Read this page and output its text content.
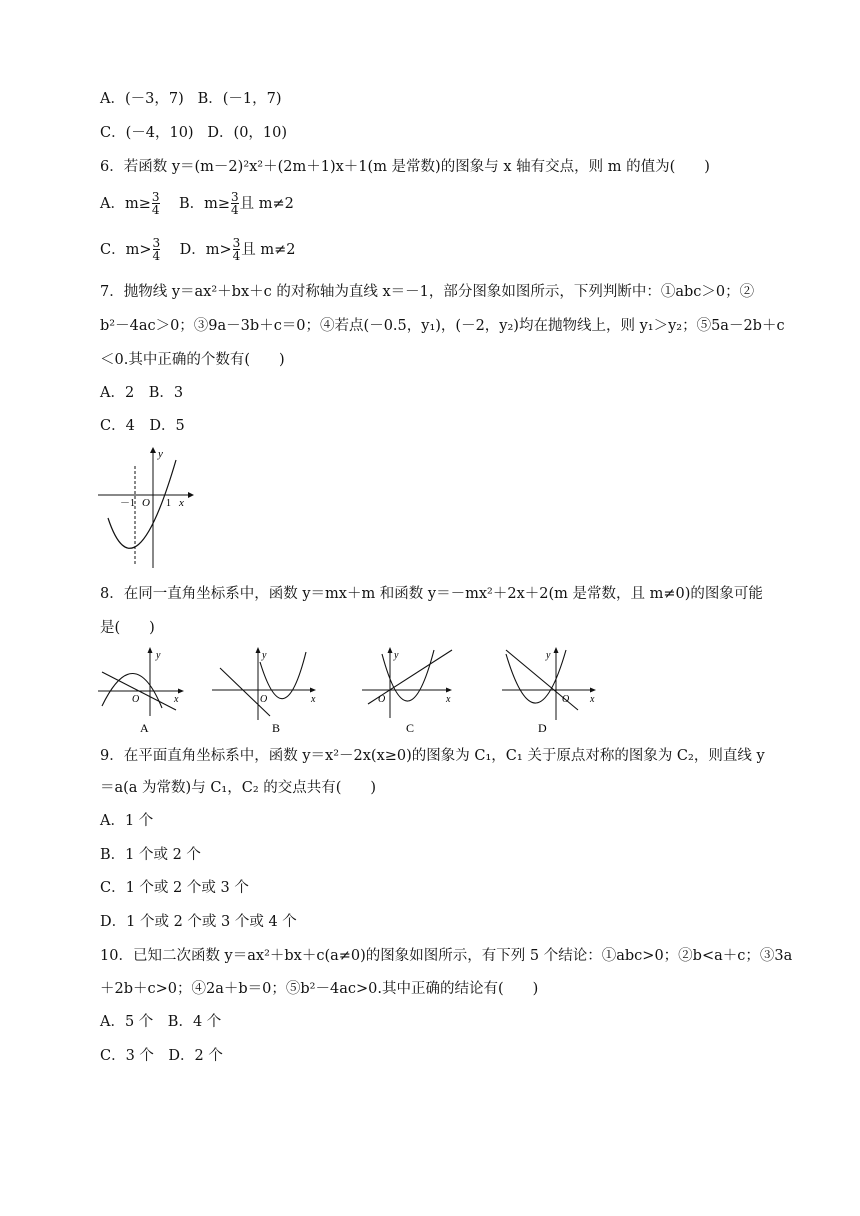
A．(－3，7) B．(－1，7)
C．(－4，10) D．(0，10)
6．若函数 y＝(m－2)²x²＋(2m＋1)x＋1(m 是常数)的图象与 x 轴有交点，则 m 的值为(　　)
A．$m\ge \frac{3}{4}$ B．$m\ge \frac{3}{4}$ 且 m≠2
C．$m> \frac{3}{4}$ D．$m> \frac{3}{4}$ 且 m≠2
7．抛物线 y＝ax²＋bx＋c 的对称轴为直线 x＝－1，部分图象如图所示，下列判断中：①abc＞0；②
b²－4ac＞0；③9a－3b＋c＝0；④若点(－0.5，y₁)，(－2，y₂)均在抛物线上，则 y₁＞y₂；⑤5a－2b＋c
＜0.其中正确的个数有(　　)
A．2　B．3
C．4　D．5
y
x
O
－1	1
8．在同一直角坐标系中，函数 y＝mx＋m 和函数 y＝－mx²＋2x＋2(m 是常数，且 m≠0)的图象可能
是(　　)
y
x
O
A
y
x
O
B
y
x
O
C
y
x
O
D
9．在平面直角坐标系中，函数 y＝x²－2x(x≥0)的图象为 C₁，C₁ 关于原点对称的图象为 C₂，则直线 y
＝a(a 为常数)与 C₁，C₂ 的交点共有(　　)
A．1 个
B．1 个或 2 个
C．1 个或 2 个或 3 个
D．1 个或 2 个或 3 个或 4 个
10．已知二次函数 y＝ax²＋bx＋c(a≠0)的图象如图所示，有下列 5 个结论：①abc>0；②b<a＋c；③3a
＋2b＋c>0；④2a＋b＝0；⑤b²－4ac>0.其中正确的结论有(　　)
A．5 个　B．4 个
C．3 个　D．2 个
